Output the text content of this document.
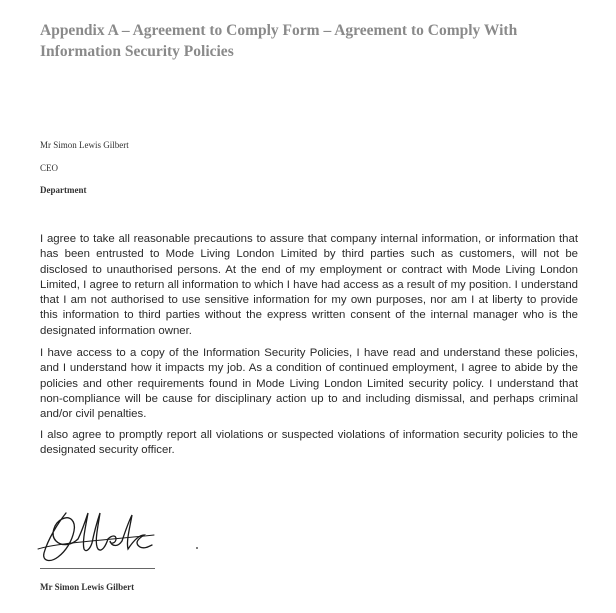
Appendix A – Agreement to Comply Form – Agreement to Comply With Information Security Policies
Mr Simon Lewis Gilbert
CEO
Department
I agree to take all reasonable precautions to assure that company internal information, or information that has been entrusted to Mode Living London Limited by third parties such as customers, will not be disclosed to unauthorised persons. At the end of my employment or contract with Mode Living London Limited, I agree to return all information to which I have had access as a result of my position. I understand that I am not authorised to use sensitive information for my own purposes, nor am I at liberty to provide this information to third parties without the express written consent of the internal manager who is the designated information owner.
I have access to a copy of the Information Security Policies, I have read and understand these policies, and I understand how it impacts my job. As a condition of continued employment, I agree to abide by the policies and other requirements found in Mode Living London Limited security policy. I understand that non-compliance will be cause for disciplinary action up to and including dismissal, and perhaps criminal and/or civil penalties.
I also agree to promptly report all violations or suspected violations of information security policies to the designated security officer.
Mr Simon Lewis Gilbert
